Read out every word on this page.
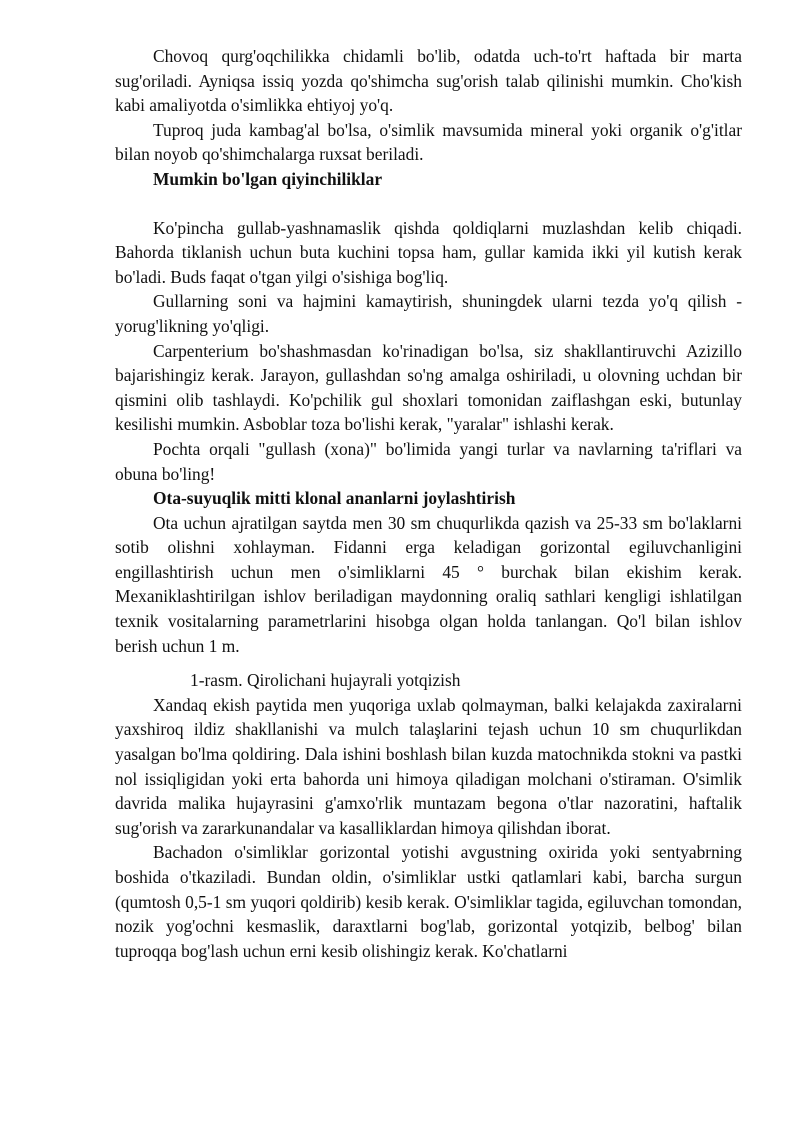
Chovoq qurg'oqchilikka chidamli bo'lib, odatda uch-to'rt haftada bir marta sug'oriladi. Ayniqsa issiq yozda qo'shimcha sug'orish talab qilinishi mumkin. Cho'kish kabi amaliyotda o'simlikka ehtiyoj yo'q.

Tuproq juda kambag'al bo'lsa, o'simlik mavsumida mineral yoki organik o'g'itlar bilan noyob qo'shimchalarga ruxsat beriladi.

Mumkin bo'lgan qiyinchiliklar

Ko'pincha gullab-yashnamaslik qishda qoldiqlarni muzlashdan kelib chiqadi. Bahorda tiklanish uchun buta kuchini topsa ham, gullar kamida ikki yil kutish kerak bo'ladi. Buds faqat o'tgan yilgi o'sishiga bog'liq.

Gullarning soni va hajmini kamaytirish, shuningdek ularni tezda yo'q qilish - yorug'likning yo'qligi.

Carpenterium bo'shashmasdan ko'rinadigan bo'lsa, siz shakllantiruvchi Azizillo bajarishingiz kerak. Jarayon, gullashdan so'ng amalga oshiriladi, u olovning uchdan bir qismini olib tashlaydi. Ko'pchilik gul shoxlari tomonidan zaiflashgan eski, butunlay kesilishi mumkin. Asboblar toza bo'lishi kerak, "yaralar" ishlashi kerak.

Pochta orqali "gullash (xona)" bo'limida yangi turlar va navlarning ta'riflari va obuna bo'ling!

Ota-suyuqlik mitti klonal ananlarni joylashtirish

Ota uchun ajratilgan saytda men 30 sm chuqurlikda qazish va 25-33 sm bo'laklarni sotib olishni xohlayman. Fidanni erga keladigan gorizontal egiluvchanligini engillashtirish uchun men o'simliklarni 45 ° burchak bilan ekishim kerak. Mexaniklashtirilgan ishlov beriladigan maydonning oraliq sathlari kengligi ishlatilgan texnik vositalarning parametrlarini hisobga olgan holda tanlangan. Qo'l bilan ishlov berish uchun 1 m.

1-rasm. Qirolichani hujayrali yotqizish

Xandaq ekish paytida men yuqoriga uxlab qolmayman, balki kelajakda zaxiralarni yaxshiroq ildiz shakllanishi va mulch talaşlarini tejash uchun 10 sm chuqurlikdan yasalgan bo'lma qoldiring. Dala ishini boshlash bilan kuzda matochnikda stokni va pastki nol issiqligidan yoki erta bahorda uni himoya qiladigan molchani o'stiraman. O'simlik davrida malika hujayrasini g'amxo'rlik muntazam begona o'tlar nazoratini, haftalik sug'orish va zararkunandalar va kasalliklardan himoya qilishdan iborat.

Bachadon o'simliklar gorizontal yotishi avgustning oxirida yoki sentyabrning boshida o'tkaziladi. Bundan oldin, o'simliklar ustki qatlamlari kabi, barcha surgun (qumtosh 0,5-1 sm yuqori qoldirib) kesib kerak. O'simliklar tagida, egiluvchan tomondan, nozik yog'ochni kesmaslik, daraxtlarni bog'lab, gorizontal yotqizib, belbog' bilan tuproqqa bog'lash uchun erni kesib olishingiz kerak. Ko'chatlarni
